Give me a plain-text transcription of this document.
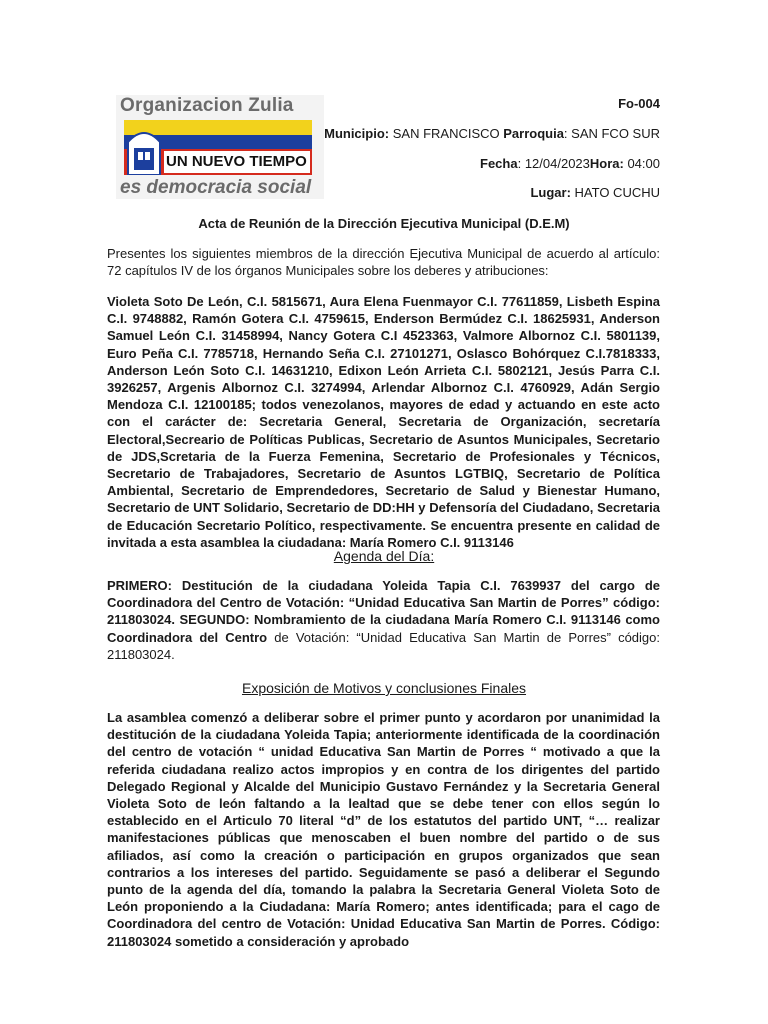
Organizacion Zulia
UN NUEVO TIEMPO
es democracia social
Fo-004
Municipio: SAN FRANCISCO Parroquia: SAN FCO SUR
Fecha: 12/04/2023Hora: 04:00
Lugar: HATO CUCHU
Acta de Reunión de la Dirección Ejecutiva Municipal (D.E.M)
Presentes los siguientes miembros de la dirección Ejecutiva Municipal de acuerdo al artículo: 72 capítulos IV de los órganos Municipales sobre los deberes y atribuciones:
Violeta Soto De León, C.I. 5815671, Aura Elena Fuenmayor C.I. 77611859, Lisbeth Espina C.I. 9748882, Ramón Gotera C.I. 4759615, Enderson Bermúdez C.I. 18625931, Anderson Samuel León C.I. 31458994, Nancy Gotera C.I 4523363, Valmore Albornoz C.I. 5801139, Euro Peña C.I. 7785718, Hernando Seña C.I. 27101271, Oslasco Bohórquez C.I.7818333, Anderson León Soto C.I. 14631210, Edixon León Arrieta C.I. 5802121, Jesús Parra C.I. 3926257, Argenis Albornoz C.I. 3274994, Arlendar Albornoz C.I. 4760929, Adán Sergio Mendoza C.I. 12100185; todos venezolanos, mayores de edad y actuando en este acto con el carácter de: Secretaria General, Secretaria de Organización, secretaría Electoral,Secreario de Políticas Publicas, Secretario de Asuntos Municipales, Secretario de JDS,Scretaria de la Fuerza Femenina, Secretario de Profesionales y Técnicos, Secretario de Trabajadores, Secretario de Asuntos LGTBIQ, Secretario de Política Ambiental, Secretario de Emprendedores, Secretario de Salud y Bienestar Humano, Secretario de UNT Solidario, Secretario de DD:HH y Defensoría del Ciudadano, Secretaria de Educación Secretario Político, respectivamente. Se encuentra presente en calidad de invitada a esta asamblea la ciudadana: María Romero C.I. 9113146
Agenda del Día:
PRIMERO: Destitución de la ciudadana Yoleida Tapia C.I. 7639937 del cargo de Coordinadora del Centro de Votación: “Unidad Educativa San Martin de Porres” código: 211803024. SEGUNDO: Nombramiento de la ciudadana María Romero C.I. 9113146 como Coordinadora del Centro de Votación: “Unidad Educativa San Martin de Porres” código: 211803024.
Exposición de Motivos y conclusiones Finales
La asamblea comenzó a deliberar sobre el primer punto y acordaron por unanimidad la destitución de la ciudadana Yoleida Tapia; anteriormente identificada de la coordinación del centro de votación “ unidad Educativa San Martin de Porres “ motivado a que la referida ciudadana realizo actos impropios y en contra de los dirigentes del partido Delegado Regional y Alcalde del Municipio Gustavo Fernández y la Secretaria General Violeta Soto de león faltando a la lealtad que se debe tener con ellos según lo establecido en el Articulo 70 literal “d” de los estatutos del partido UNT, “… realizar manifestaciones públicas que menoscaben el buen nombre del partido o de sus afiliados, así como la creación o participación en grupos organizados que sean contrarios a los intereses del partido. Seguidamente se pasó a deliberar el Segundo punto de la agenda del día, tomando la palabra la Secretaria General Violeta Soto de León proponiendo a la Ciudadana: María Romero; antes identificada; para el cago de Coordinadora del centro de Votación: Unidad Educativa San Martin de Porres. Código: 211803024 sometido a consideración y aprobado
